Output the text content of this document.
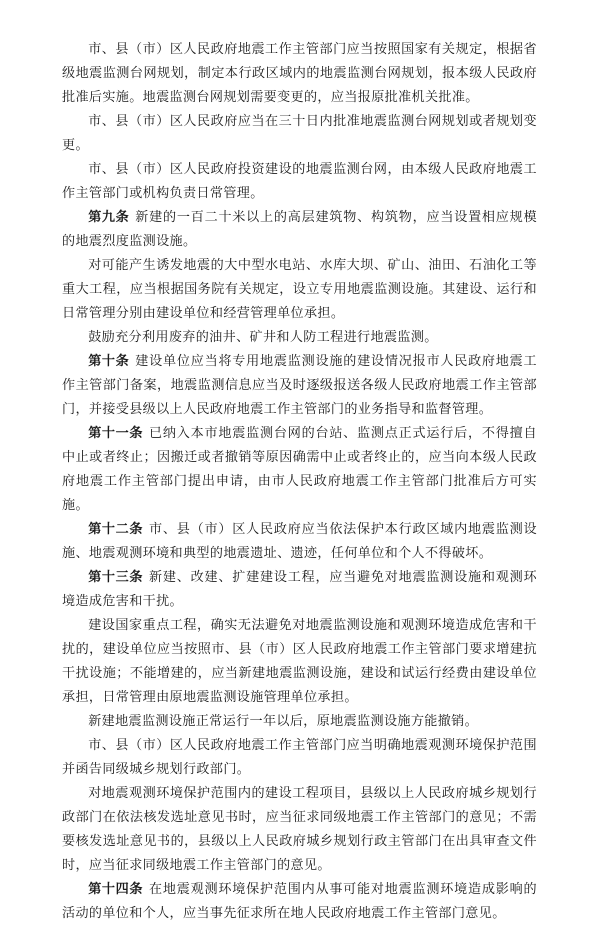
市、县（市）区人民政府地震工作主管部门应当按照国家有关规定，根据省级地震监测台网规划，制定本行政区域内的地震监测台网规划，报本级人民政府批准后实施。地震监测台网规划需要变更的，应当报原批准机关批准。

市、县（市）区人民政府应当在三十日内批准地震监测台网规划或者规划变更。

市、县（市）区人民政府投资建设的地震监测台网，由本级人民政府地震工作主管部门或机构负责日常管理。

第九条 新建的一百二十米以上的高层建筑物、构筑物，应当设置相应规模的地震烈度监测设施。

对可能产生诱发地震的大中型水电站、水库大坝、矿山、油田、石油化工等重大工程，应当根据国务院有关规定，设立专用地震监测设施。其建设、运行和日常管理分别由建设单位和经营管理单位承担。

鼓励充分利用废弃的油井、矿井和人防工程进行地震监测。

第十条 建设单位应当将专用地震监测设施的建设情况报市人民政府地震工作主管部门备案，地震监测信息应当及时逐级报送各级人民政府地震工作主管部门，并接受县级以上人民政府地震工作主管部门的业务指导和监督管理。

第十一条 已纳入本市地震监测台网的台站、监测点正式运行后，不得擅自中止或者终止；因搬迁或者撤销等原因确需中止或者终止的，应当向本级人民政府地震工作主管部门提出申请，由市人民政府地震工作主管部门批准后方可实施。

第十二条 市、县（市）区人民政府应当依法保护本行政区域内地震监测设施、地震观测环境和典型的地震遗址、遗迹，任何单位和个人不得破坏。

第十三条 新建、改建、扩建建设工程，应当避免对地震监测设施和观测环境造成危害和干扰。

建设国家重点工程，确实无法避免对地震监测设施和观测环境造成危害和干扰的，建设单位应当按照市、县（市）区人民政府地震工作主管部门要求增建抗干扰设施；不能增建的，应当新建地震监测设施，建设和试运行经费由建设单位承担，日常管理由原地震监测设施管理单位承担。

新建地震监测设施正常运行一年以后，原地震监测设施方能撤销。

市、县（市）区人民政府地震工作主管部门应当明确地震观测环境保护范围并函告同级城乡规划行政部门。

对地震观测环境保护范围内的建设工程项目，县级以上人民政府城乡规划行政部门在依法核发选址意见书时，应当征求同级地震工作主管部门的意见；不需要核发选址意见书的，县级以上人民政府城乡规划行政主管部门在出具审查文件时，应当征求同级地震工作主管部门的意见。

第十四条 在地震观测环境保护范围内从事可能对地震监测环境造成影响的活动的单位和个人，应当事先征求所在地人民政府地震工作主管部门意见。
